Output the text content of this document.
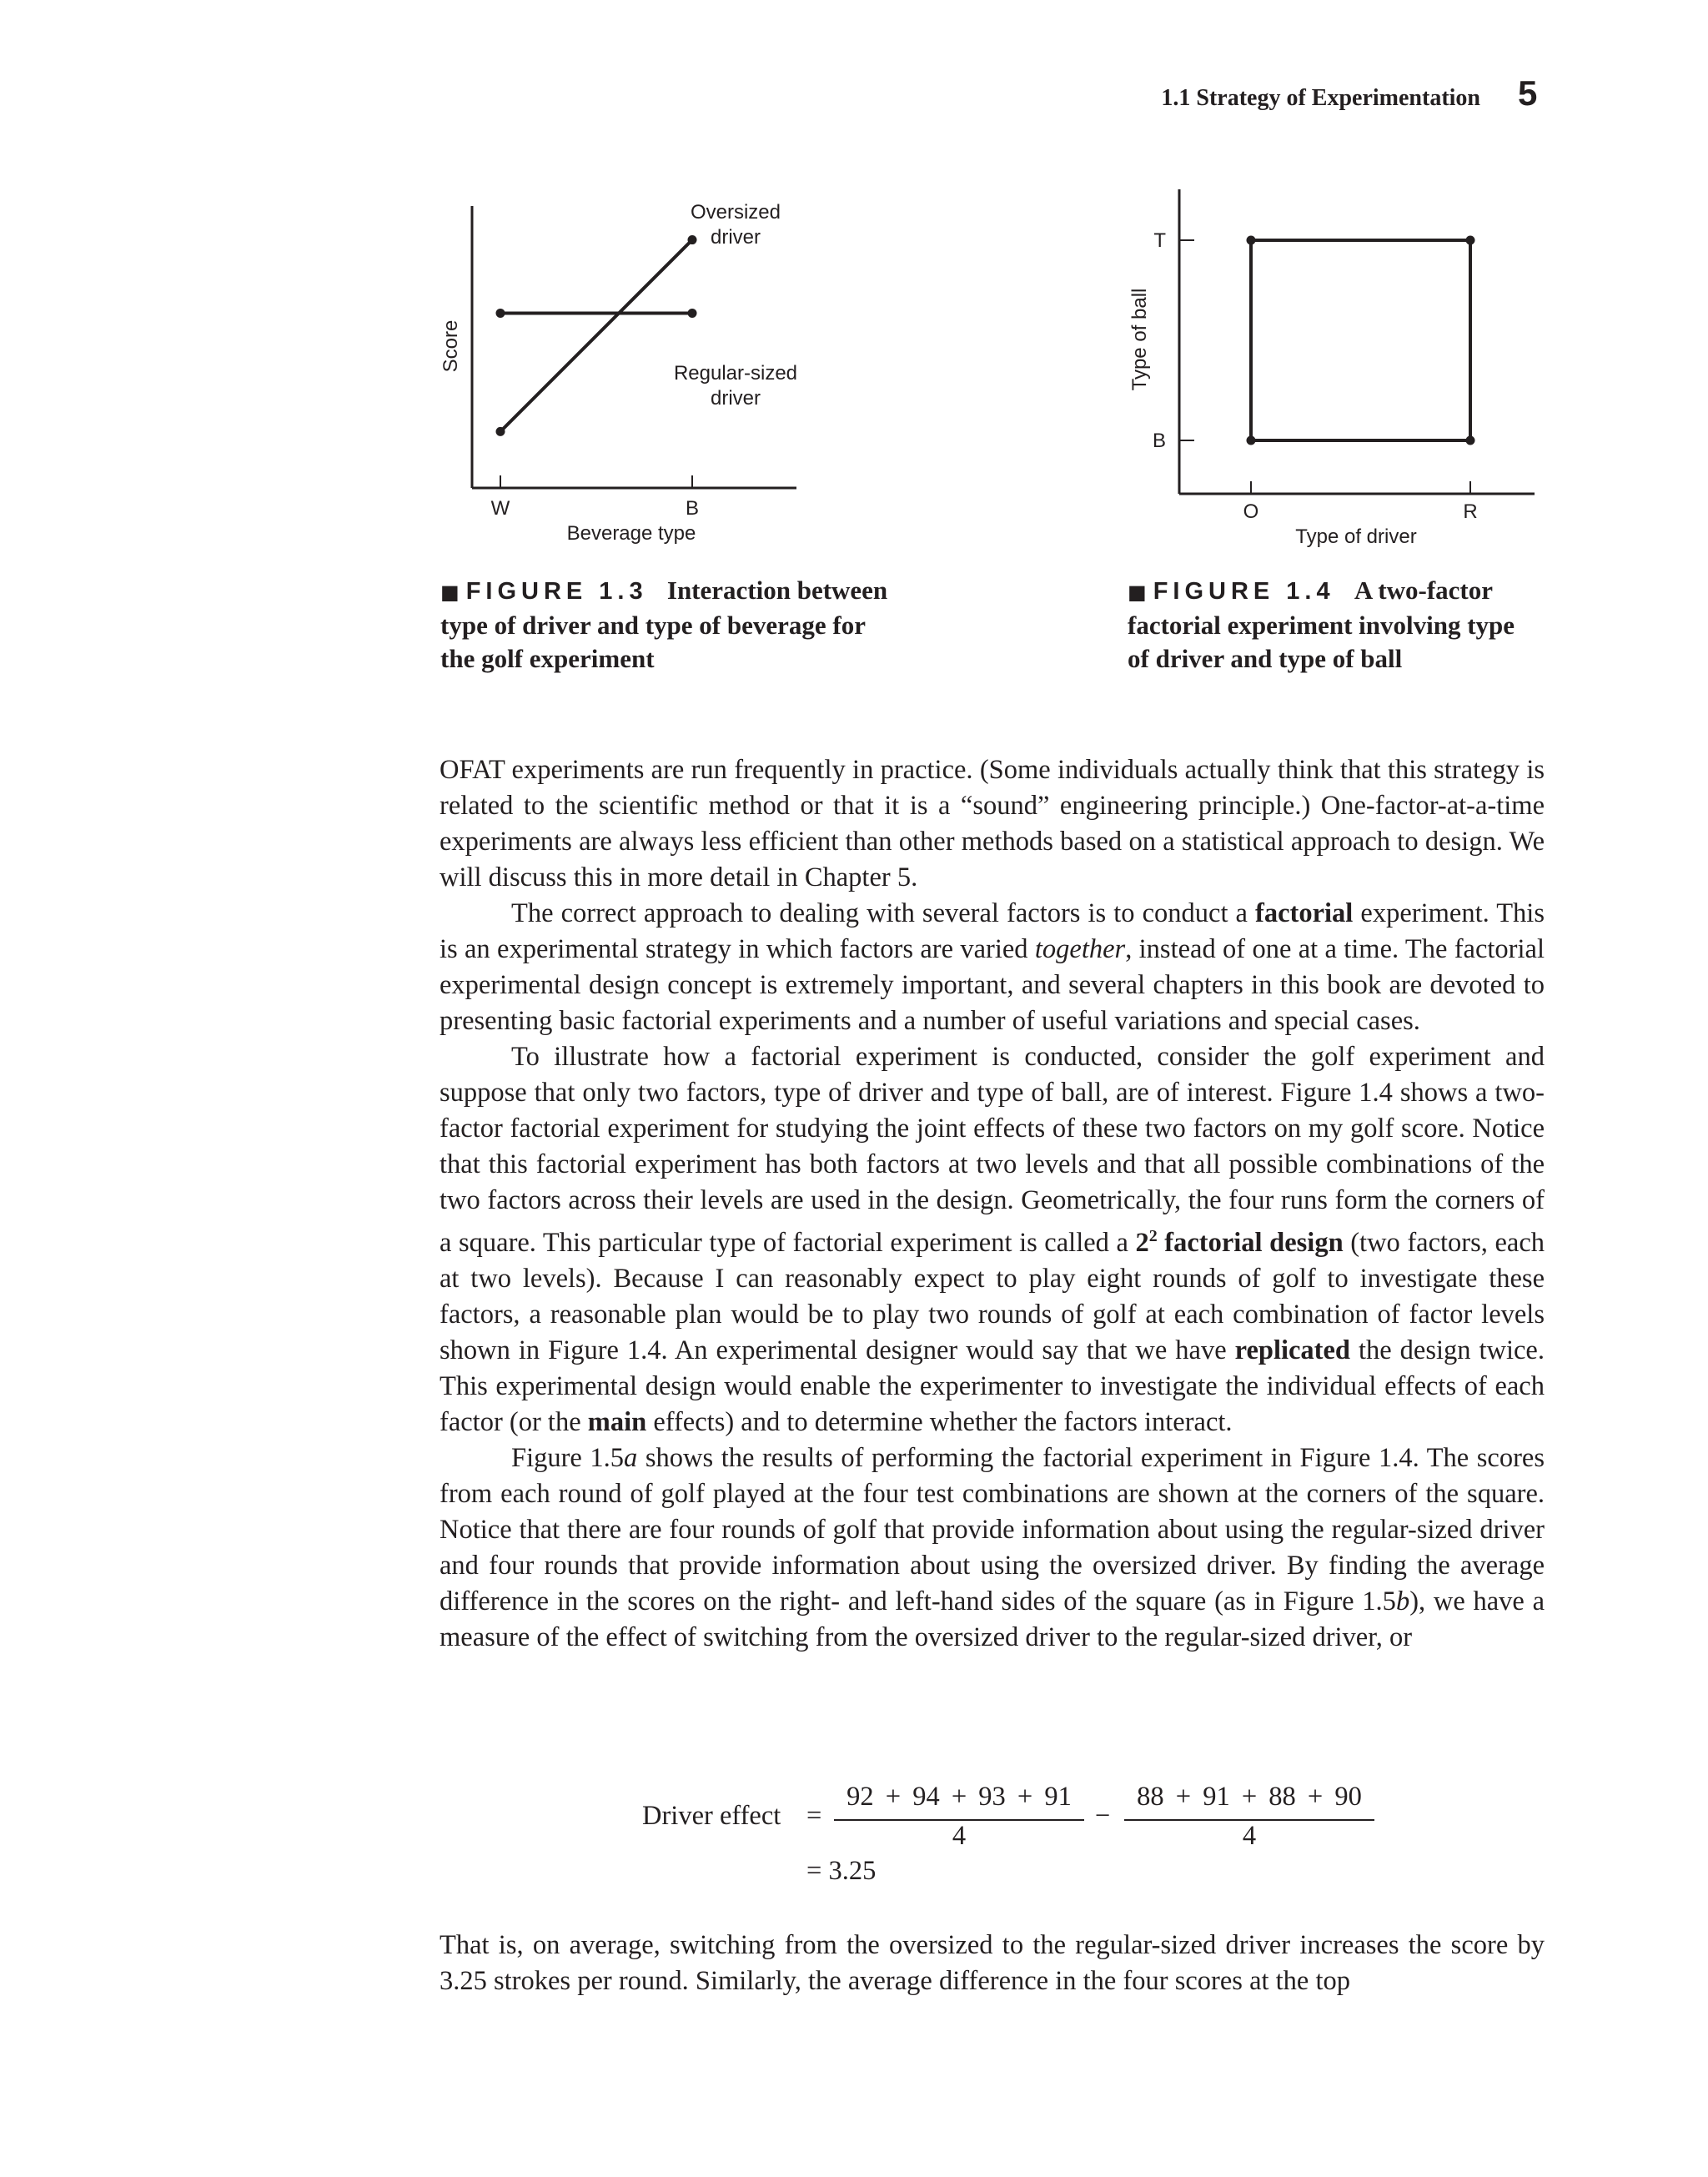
1.1 Strategy of Experimentation 5
W	B
Score
Beverage type
Oversized
driver
Regular-sized
driver
O	R
B
T
Type of ball
Type of driver
■ FIGURE 1.3 Interaction between
type of driver and type of beverage for
the golf experiment
■ FIGURE 1.4 A two-factor
factorial experiment involving type
of driver and type of ball

OFAT experiments are run frequently in practice. (Some individuals actually think that this strategy is related to the scientific method or that it is a “sound” engineering principle.) One-factor-at-a-time experiments are always less efficient than other methods based on a statistical approach to design. We will discuss this in more detail in Chapter 5.

The correct approach to dealing with several factors is to conduct a factorial experiment. This is an experimental strategy in which factors are varied together, instead of one at a time. The factorial experimental design concept is extremely important, and several chapters in this book are devoted to presenting basic factorial experiments and a number of useful variations and special cases.

To illustrate how a factorial experiment is conducted, consider the golf experiment and suppose that only two factors, type of driver and type of ball, are of interest. Figure 1.4 shows a two-factor factorial experiment for studying the joint effects of these two factors on my golf score. Notice that this factorial experiment has both factors at two levels and that all possible combinations of the two factors across their levels are used in the design. Geometrically, the four runs form the corners of a square. This particular type of factorial experiment is called a $2^2$ factorial design (two factors, each at two levels). Because I can reasonably expect to play eight rounds of golf to investigate these factors, a reasonable plan would be to play two rounds of golf at each combination of factor levels shown in Figure 1.4. An experimental designer would say that we have replicated the design twice. This experimental design would enable the experimenter to investigate the individual effects of each factor (or the main effects) and to determine whether the factors interact.

Figure 1.5a shows the results of performing the factorial experiment in Figure 1.4. The scores from each round of golf played at the four test combinations are shown at the corners of the square. Notice that there are four rounds of golf that provide information about using the regular-sized driver and four rounds that provide information about using the oversized driver. By finding the average difference in the scores on the right- and left-hand sides of the square (as in Figure 1.5b), we have a measure of the effect of switching from the oversized driver to the regular-sized driver, or

Driver effect =
92 + 94 + 93 + 91
4
−
88 + 91 + 88 + 90
4
= 3.25

That is, on average, switching from the oversized to the regular-sized driver increases the score by 3.25 strokes per round. Similarly, the average difference in the four scores at the top
